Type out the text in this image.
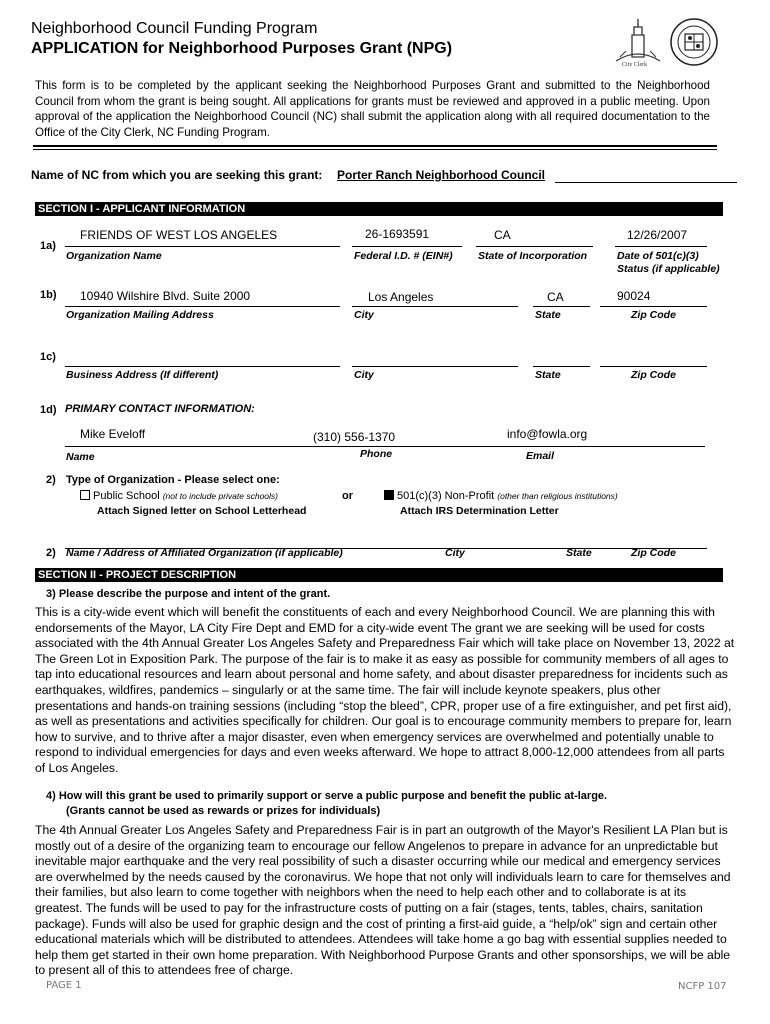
Neighborhood Council Funding Program
APPLICATION for Neighborhood Purposes Grant (NPG)
City Clerk
This form is to be completed by the applicant seeking the Neighborhood Purposes Grant and submitted to the Neighborhood Council from whom the grant is being sought. All applications for grants must be reviewed and approved in a public meeting. Upon approval of the application the Neighborhood Council (NC) shall submit the application along with all required documentation to the Office of the City Clerk, NC Funding Program.
Name of NC from which you are seeking this grant: Porter Ranch Neighborhood Council
SECTION I - APPLICANT INFORMATION
1a)
FRIENDS OF WEST LOS ANGELES
Organization Name
26-1693591
Federal I.D. # (EIN#)
CA
State of Incorporation
12/26/2007
Date of 501(c)(3)
Status (if applicable)
1b) 10940 Wilshire Blvd. Suite 2000
Organization Mailing Address
Los Angeles
City
CA
State
90024
Zip Code
1c)
Business Address (If different)	City	State	Zip Code
1d) PRIMARY CONTACT INFORMATION:
Mike Eveloff
Name
(310) 556-1370
Phone
info@fowla.org
Email
2) Type of Organization - Please select one:
Public School (not to include private schools)
Attach Signed letter on School Letterhead
or	501(c)(3) Non-Profit (other than religious institutions)
Attach IRS Determination Letter
2) Name / Address of Affiliated Organization (if applicable)	City	State	Zip Code
SECTION II - PROJECT DESCRIPTION
3) Please describe the purpose and intent of the grant.
This is a city-wide event which will benefit the constituents of each and every Neighborhood Council. We are planning this with endorsements of the Mayor, LA City Fire Dept and EMD for a city-wide event The grant we are seeking will be used for costs associated with the 4th Annual Greater Los Angeles Safety and Preparedness Fair which will take place on November 13, 2022 at The Green Lot in Exposition Park. The purpose of the fair is to make it as easy as possible for community members of all ages to tap into educational resources and learn about personal and home safety, and about disaster preparedness for incidents such as earthquakes, wildfires, pandemics – singularly or at the same time. The fair will include keynote speakers, plus other presentations and hands-on training sessions (including “stop the bleed”, CPR, proper use of a fire extinguisher, and pet first aid), as well as presentations and activities specifically for children. Our goal is to encourage community members to prepare for, learn how to survive, and to thrive after a major disaster, even when emergency services are overwhelmed and potentially unable to respond to individual emergencies for days and even weeks afterward. We hope to attract 8,000-12,000 attendees from all parts of Los Angeles.
4) How will this grant be used to primarily support or serve a public purpose and benefit the public at-large.
(Grants cannot be used as rewards or prizes for individuals)
The 4th Annual Greater Los Angeles Safety and Preparedness Fair is in part an outgrowth of the Mayor's Resilient LA Plan but is mostly out of a desire of the organizing team to encourage our fellow Angelenos to prepare in advance for an unpredictable but inevitable major earthquake and the very real possibility of such a disaster occurring while our medical and emergency services are overwhelmed by the needs caused by the coronavirus. We hope that not only will individuals learn to care for themselves and their families, but also learn to come together with neighbors when the need to help each other and to collaborate is at its greatest. The funds will be used to pay for the infrastructure costs of putting on a fair (stages, tents, tables, chairs, sanitation package). Funds will also be used for graphic design and the cost of printing a first-aid guide, a “help/ok” sign and certain other educational materials which will be distributed to attendees. Attendees will take home a go bag with essential supplies needed to help them get started in their own home preparation. With Neighborhood Purpose Grants and other sponsorships, we will be able to present all of this to attendees free of charge.
PAGE 1	NCFP 107
